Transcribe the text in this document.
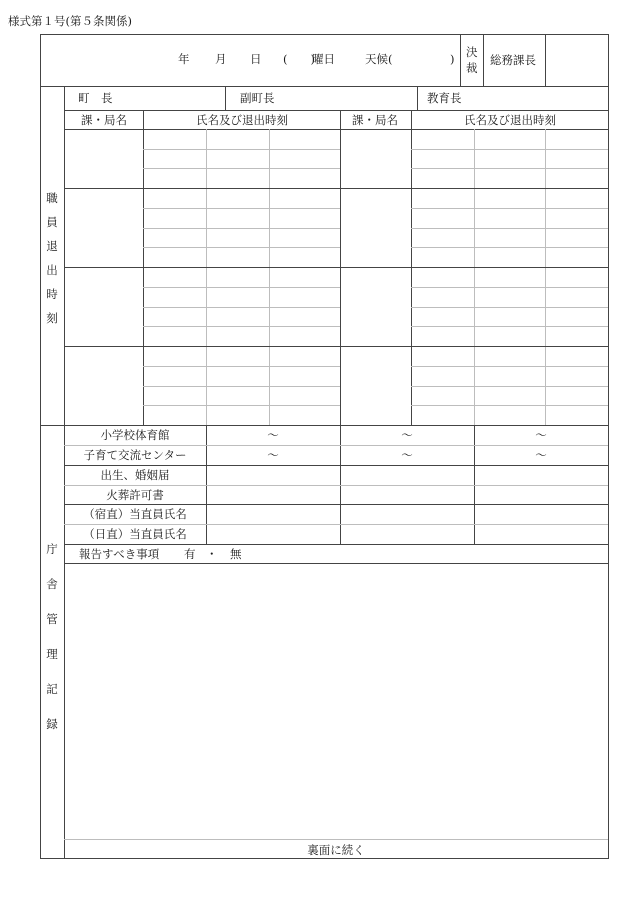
様式第１号(第５条関係)
年 月 日 (　　)
曜日	天候(	) 決
裁
総務課長
町　長	副町長	教育長
課・局名	氏名及び退出時刻	課・局名	氏名及び退出時刻
職
員
退
出
時
刻
小学校体育館	〜	〜	〜
子育て交流センター	〜	〜	〜
出生、婚姻届
火葬許可書
（宿直）当直員氏名
（日直）当直員氏名
報告すべき事項 有 ・ 無
裏面に続く
庁
舎
管
理
記
録
